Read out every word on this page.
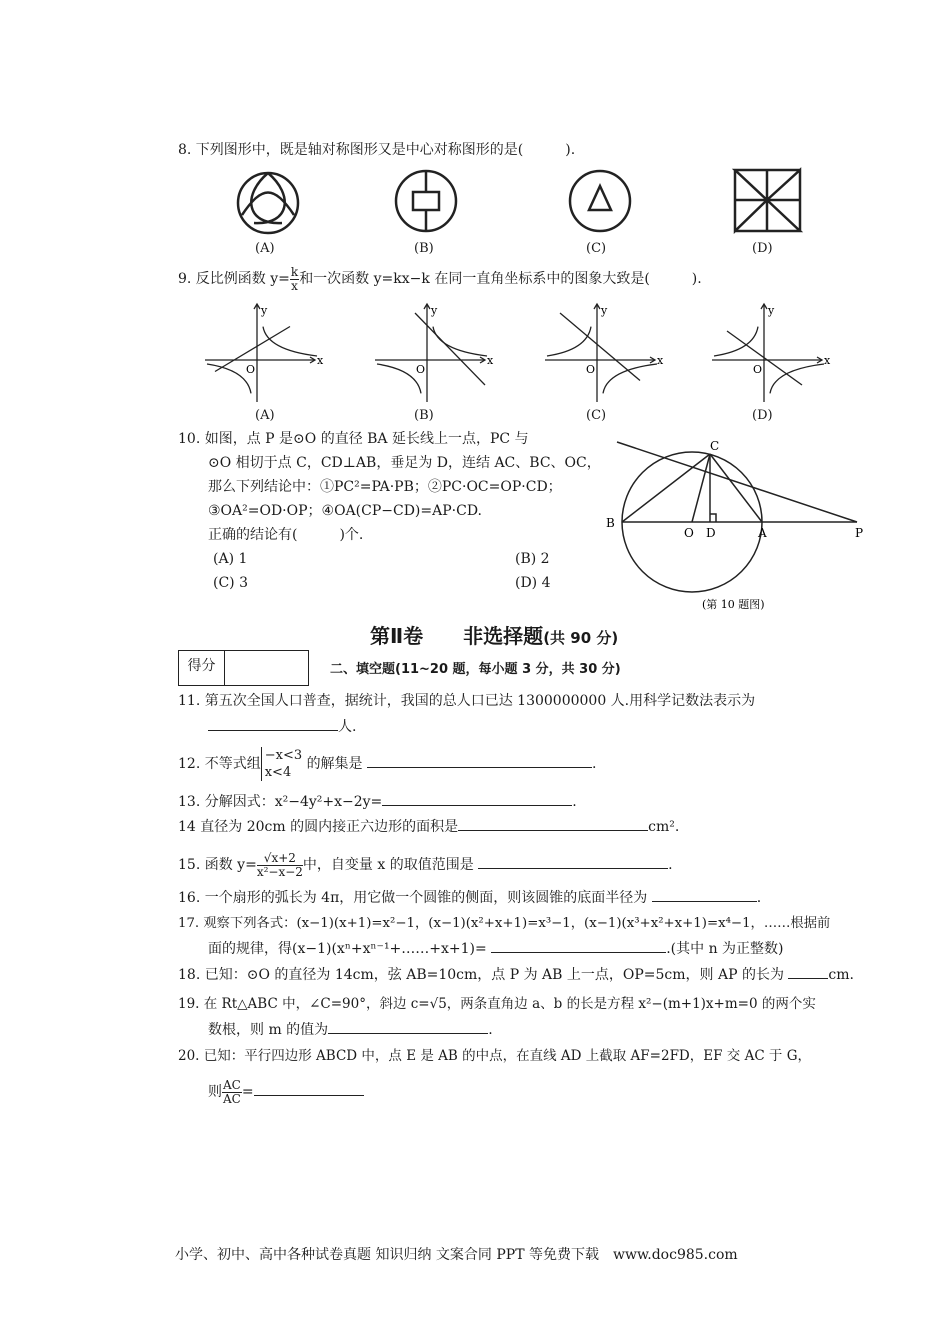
8. 下列图形中，既是轴对称图形又是中心对称图形的是(　　　).
(A)	(B)	(C)	(D)
9. 反比例函数 $y= \frac{k}{x}$ 和一次函数 y=kx−k 在同一直角坐标系中的图象大致是(　　　).
y
x
O
y
x
O
y
x
O
y
x
O
(A)	(B)	(C)	(D)
10. 如图，点 P 是⊙O 的直径 BA 延长线上一点，PC 与
⊙O 相切于点 C，CD⊥AB，垂足为 D，连结 AC、BC、OC，
那么下列结论中：①PC²=PA·PB；②PC·OC=OP·CD；
③OA²=OD·OP；④OA(CP−CD)=AP·CD.
正确的结论有(　　　)个.
(A) 1	(B) 2
(C) 3	(D) 4
C
B
O D	A	P
(第 10 题图)
第Ⅱ卷　　非选择题(共 90 分)
得分	二、填空题(11~20 题，每小题 3 分，共 30 分)
11. 第五次全国人口普查，据统计，我国的总人口已达 1300000000 人.用科学记数法表示为
人.
12. 不等式组
−x<3
x<4
的解集是	.
13. 分解因式：x²−4y²+x−2y=	.
14 直径为 20cm 的圆内接正六边形的面积是	cm².
15. 函数 $y= \frac{√x+2}{\text{x²−x−2}}$ 中，自变量 x 的取值范围是	.
16. 一个扇形的弧长为 4π，用它做一个圆锥的侧面，则该圆锥的底面半径为	.
17. 观察下列各式：(x−1)(x+1)=x²−1，(x−1)(x²+x+1)=x³−1，(x−1)(x³+x²+x+1)=x⁴−1，……根据前
面的规律，得(x−1)(xⁿ+xⁿ⁻¹+……+x+1)=	.(其中 n 为正整数)
18. 已知：⊙O 的直径为 14cm，弦 AB=10cm，点 P 为 AB 上一点，OP=5cm，则 AP 的长为	cm.
19. 在 Rt△ABC 中，∠C=90°，斜边 c=√5，两条直角边 a、b 的长是方程 x²−(m+1)x+m=0 的两个实
数根，则 m 的值为	.
20. 已知：平行四边形 ABCD 中，点 E 是 AB 的中点，在直线 AD 上截取 AF=2FD，EF 交 AC 于 G，
则 $\frac{AC}{AC}$ =
小学、初中、高中各种试卷真题 知识归纳 文案合同 PPT 等免费下载　www.doc985.com
